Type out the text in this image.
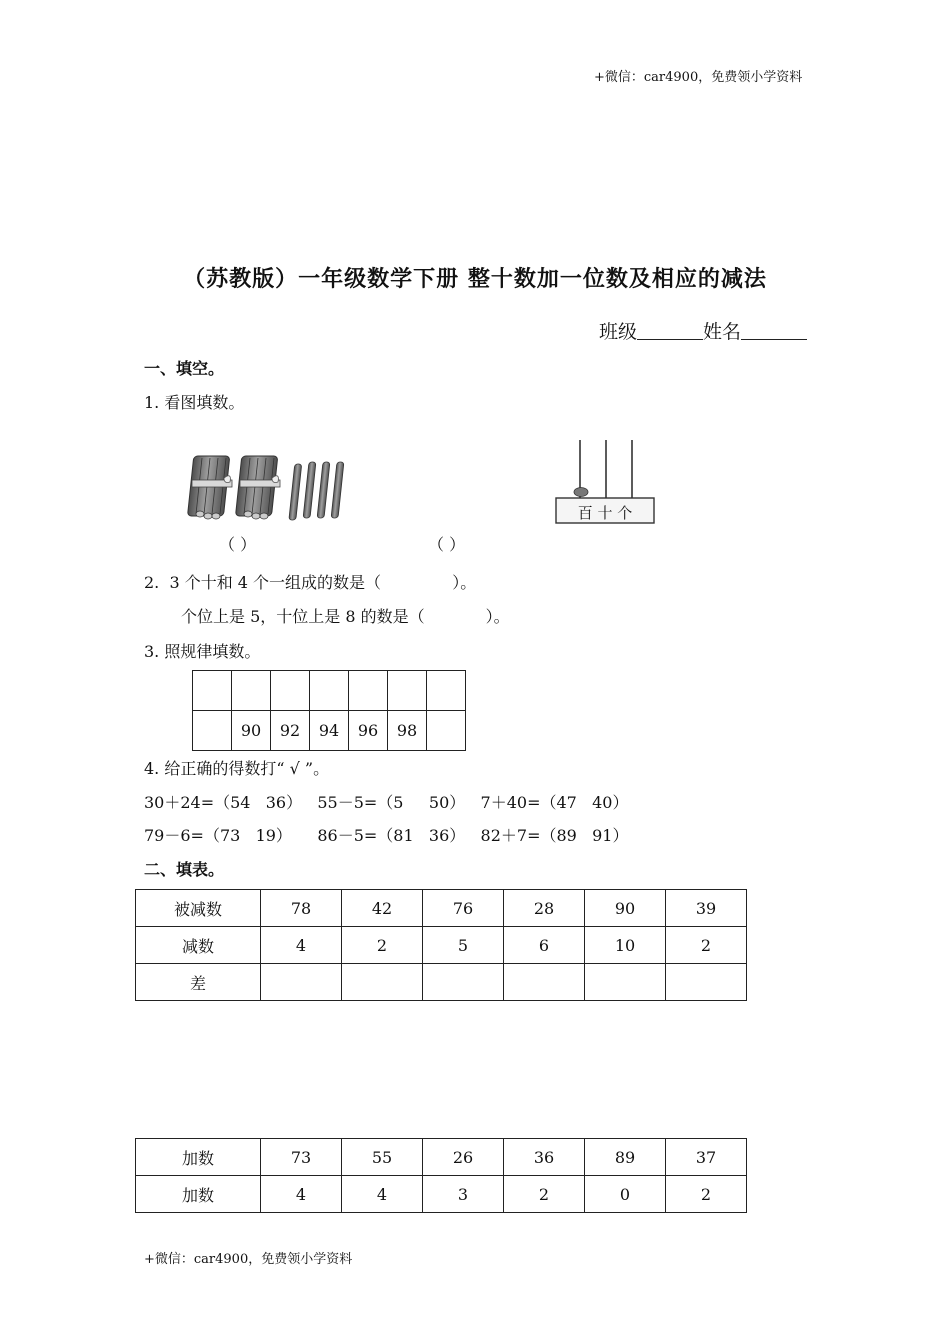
+微信：car4900，免费领小学资料
（苏教版）一年级数学下册 整十数加一位数及相应的减法
班级	姓名
一、填空。
1. 看图填数。
百 十 个
（ ）	（ ）
2.  3 个十和 4 个一组成的数是（              ）。
个位上是 5，十位上是 8 的数是（            ）。
3. 照规律填数。

	90	92	94	96	98	
4. 给正确的得数打“ √ ”。
30＋24=（54   36）   55－5=（5     50）   7＋40=（47   40）
79－6=（73   19）     86－5=（81   36）   82＋7=（89   91）
二、填表。
被减数	78	42	76	28	90	39
减数	4	2	5	6	10	2
差						
加数	73	55	26	36	89	37
加数	4	4	3	2	0	2
+微信：car4900，免费领小学资料
